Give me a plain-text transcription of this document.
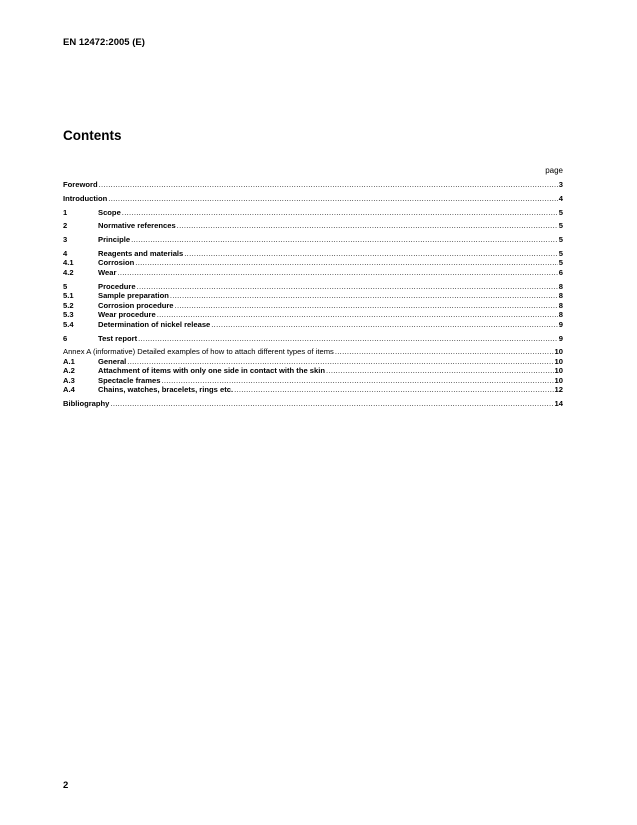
EN 12472:2005 (E)
Contents
page
Foreword .....	3
Introduction .....	4
1	Scope .....	5
2	Normative references .....	5
3	Principle .....	5
4	Reagents and materials .....	5
4.1	Corrosion .....	5
4.2	Wear .....	6
5	Procedure .....	8
5.1	Sample preparation .....	8
5.2	Corrosion procedure .....	8
5.3	Wear procedure .....	8
5.4	Determination of nickel release .....	9
6	Test report .....	9
Annex A (informative) Detailed examples of how to attach different types of items .....	10
A.1	General .....	10
A.2	Attachment of items with only one side in contact with the skin .....	10
A.3	Spectacle frames .....	10
A.4	Chains, watches, bracelets, rings etc. .....	12
Bibliography .....	14
2
